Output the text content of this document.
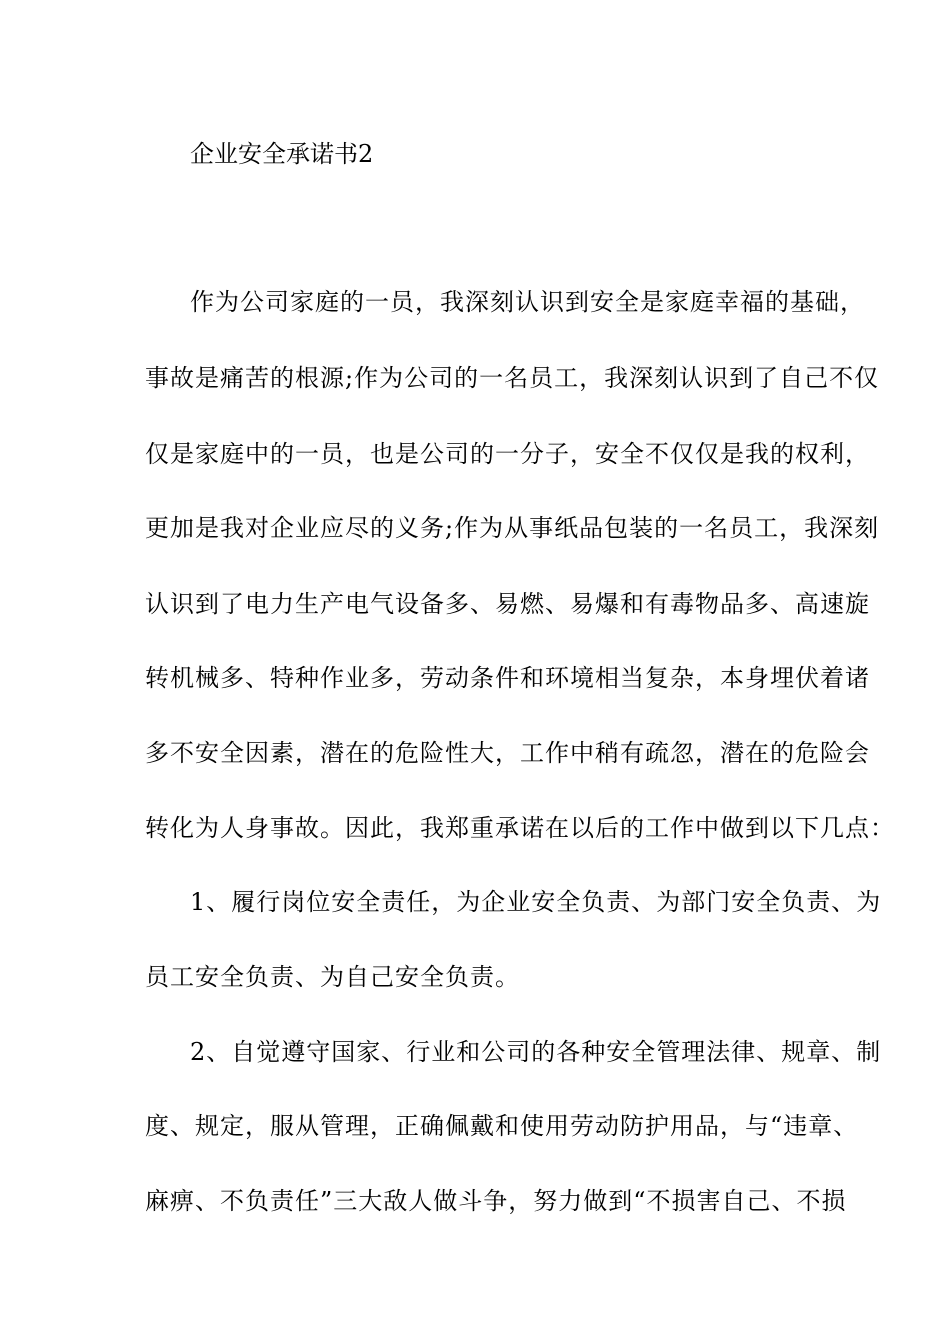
企业安全承诺书2
作为公司家庭的一员，我深刻认识到安全是家庭幸福的基础，
事故是痛苦的根源;作为公司的一名员工，我深刻认识到了自己不仅
仅是家庭中的一员，也是公司的一分子，安全不仅仅是我的权利，
更加是我对企业应尽的义务;作为从事纸品包装的一名员工，我深刻
认识到了电力生产电气设备多、易燃、易爆和有毒物品多、高速旋
转机械多、特种作业多，劳动条件和环境相当复杂，本身埋伏着诸
多不安全因素，潜在的危险性大，工作中稍有疏忽，潜在的危险会
转化为人身事故。因此，我郑重承诺在以后的工作中做到以下几点：
1、履行岗位安全责任，为企业安全负责、为部门安全负责、为
员工安全负责、为自己安全负责。
2、自觉遵守国家、行业和公司的各种安全管理法律、规章、制
度、规定，服从管理，正确佩戴和使用劳动防护用品，与“违章、
麻痹、不负责任”三大敌人做斗争，努力做到“不损害自己、不损
